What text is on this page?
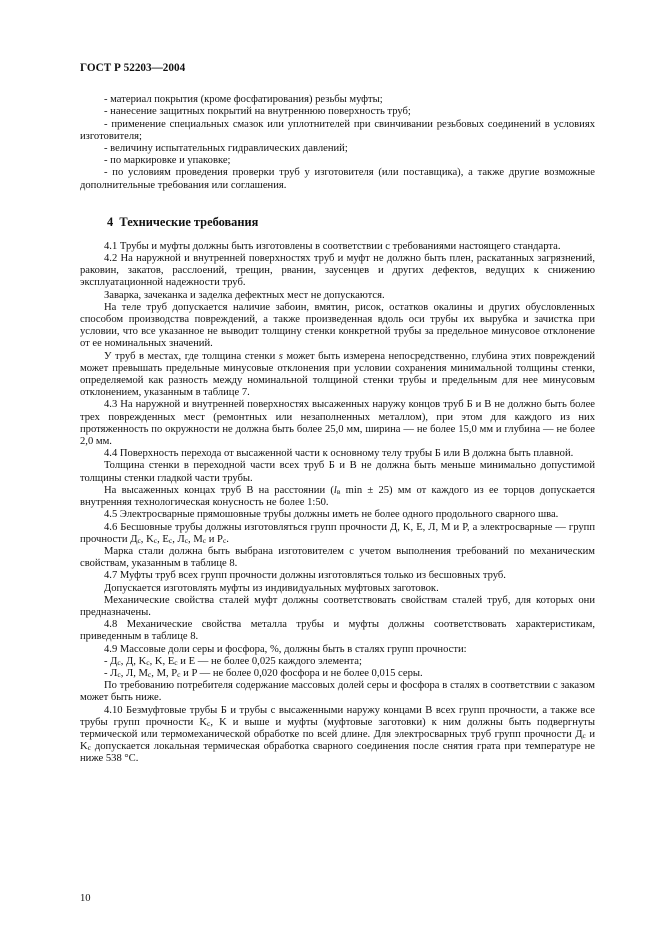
ГОСТ Р 52203—2004

- материал покрытия (кроме фосфатирования) резьбы муфты;

- нанесение защитных покрытий на внутреннюю поверхность труб;

- применение специальных смазок или уплотнителей при свинчивании резьбовых соединений в условиях изготовителя;

- величину испытательных гидравлических давлений;

- по маркировке и упаковке;

- по условиям проведения проверки труб у изготовителя (или поставщика), а также другие возможные дополнительные требования или соглашения.

4 Технические требования

4.1 Трубы и муфты должны быть изготовлены в соответствии с требованиями настоящего стандарта.

4.2 На наружной и внутренней поверхностях труб и муфт не должно быть плен, раскатанных загрязнений, раковин, закатов, расслоений, трещин, рванин, заусенцев и других дефектов, ведущих к снижению эксплуатационной надежности труб.

Заварка, зачеканка и заделка дефектных мест не допускаются.

На теле труб допускается наличие забоин, вмятин, рисок, остатков окалины и других обусловленных способом производства повреждений, а также произведенная вдоль оси трубы их вырубка и зачистка при условии, что все указанное не выводит толщину стенки конкретной трубы за предельное минусовое отклонение от ее номинальных значений.

У труб в местах, где толщина стенки s может быть измерена непосредственно, глубина этих повреждений может превышать предельные минусовые отклонения при условии сохранения минимальной толщины стенки, определяемой как разность между номинальной толщиной стенки трубы и предельным для нее минусовым отклонением, указанным в таблице 7.

4.3 На наружной и внутренней поверхностях высаженных наружу концов труб Б и В не должно быть более трех поврежденных мест (ремонтных или незаполненных металлом), при этом для каждого из них протяженность по окружности не должна быть более 25,0 мм, ширина — не более 15,0 мм и глубина — не более 2,0 мм.

4.4 Поверхность перехода от высаженной части к основному телу трубы Б или В должна быть плавной.

Толщина стенки в переходной части всех труб Б и В не должна быть меньше минимально допустимой толщины стенки гладкой части трубы.

На высаженных концах труб В на расстоянии ($l_в$ min ± 25) мм от каждого из ее торцов допускается внутренняя технологическая конусность не более 1:50.

4.5 Электросварные прямошовные трубы должны иметь не более одного продольного сварного шва.

4.6 Бесшовные трубы должны изготовляться групп прочности Д, K, E, Л, M и P, а электросварные — групп прочности $Д_с$, $K_с$, $E_с$, $Л_с$, $M_с$ и $P_с$.

Марка стали должна быть выбрана изготовителем с учетом выполнения требований по механическим свойствам, указанным в таблице 8.

4.7 Муфты труб всех групп прочности должны изготовляться только из бесшовных труб.

Допускается изготовлять муфты из индивидуальных муфтовых заготовок.

Механические свойства сталей муфт должны соответствовать свойствам сталей труб, для которых они предназначены.

4.8 Механические свойства металла трубы и муфты должны соответствовать характеристикам, приведенным в таблице 8.

4.9 Массовые доли серы и фосфора, %, должны быть в сталях групп прочности:

- $Д_с$, Д, $K_с$, K, $E_с$ и E — не более 0,025 каждого элемента;

- $Л_с$, Л, $M_с$, M, $P_с$ и P — не более 0,020 фосфора и не более 0,015 серы.

По требованию потребителя содержание массовых долей серы и фосфора в сталях в соответствии с заказом может быть ниже.

4.10 Безмуфтовые трубы Б и трубы с высаженными наружу концами В всех групп прочности, а также все трубы групп прочности $K_с$, K и выше и муфты (муфтовые заготовки) к ним должны быть подвергнуты термической или термомеханической обработке по всей длине. Для электросварных труб групп прочности $Д_с$ и $K_с$ допускается локальная термическая обработка сварного соединения после снятия грата при температуре не ниже 538 °C.

10
